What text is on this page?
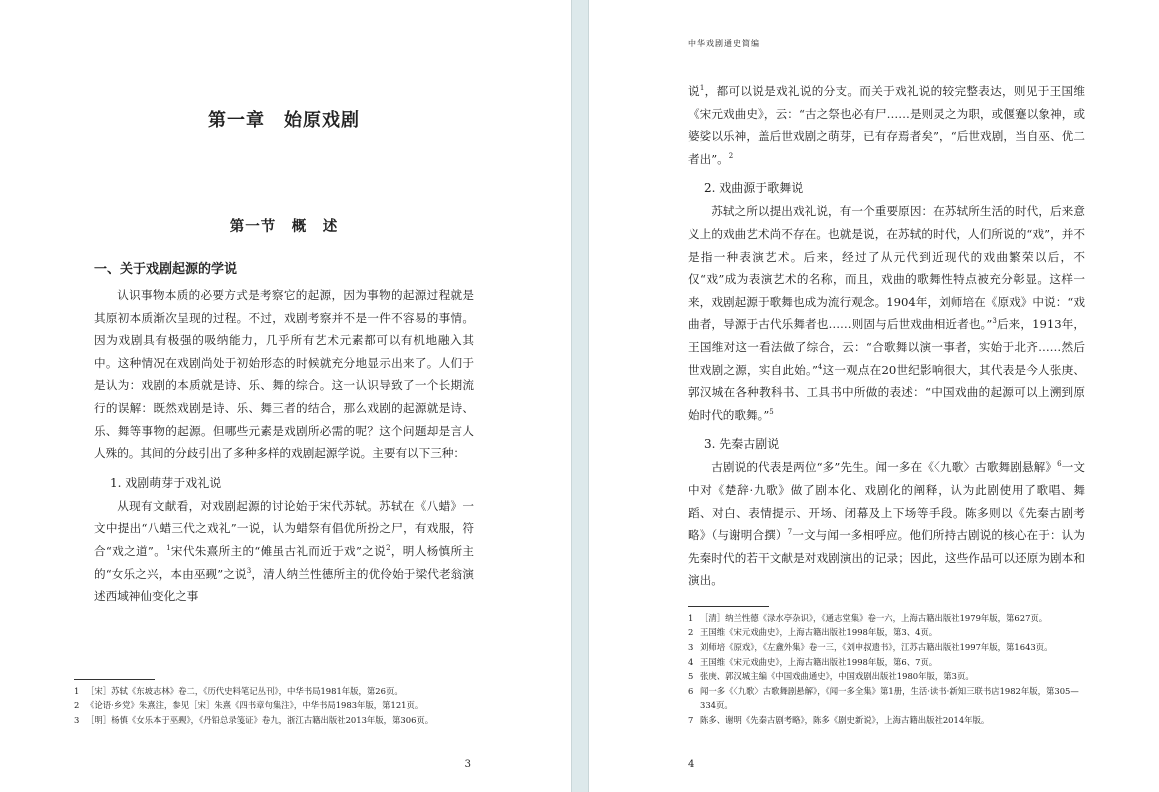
第一章　始原戏剧
第一节　概　述
一、关于戏剧起源的学说
认识事物本质的必要方式是考察它的起源，因为事物的起源过程就是其原初本质渐次呈现的过程。不过，戏剧考察并不是一件不容易的事情。因为戏剧具有极强的吸纳能力，几乎所有艺术元素都可以有机地融入其中。这种情况在戏剧尚处于初始形态的时候就充分地显示出来了。人们于是认为：戏剧的本质就是诗、乐、舞的综合。这一认识导致了一个长期流行的误解：既然戏剧是诗、乐、舞三者的结合，那么戏剧的起源就是诗、乐、舞等事物的起源。但哪些元素是戏剧所必需的呢？这个问题却是言人人殊的。其间的分歧引出了多种多样的戏剧起源学说。主要有以下三种：
1. 戏剧萌芽于戏礼说
从现有文献看，对戏剧起源的讨论始于宋代苏轼。苏轼在《八蜡》一文中提出“八蜡三代之戏礼”一说，认为蜡祭有倡优所扮之尸，有戏服，符合“戏之道”。$^1$宋代朱熹所主的“傩虽古礼而近于戏”之说$^2$，明人杨慎所主的“女乐之兴，本由巫觋”之说$^3$，清人纳兰性德所主的优伶始于梁代老翁演述西域神仙变化之事
1 ［宋］苏轼《东坡志林》卷二，《历代史料笔记丛刊》，中华书局1981年版，第26页。
2 《论语·乡党》朱熹注，参见［宋］朱熹《四书章句集注》，中华书局1983年版，第121页。
3 ［明］杨慎《女乐本于巫觋》，《丹铅总录笺证》卷九，浙江古籍出版社2013年版，第306页。
3
中华戏剧通史简编
说$^1$，都可以说是戏礼说的分支。而关于戏礼说的较完整表达，则见于王国维《宋元戏曲史》，云：“古之祭也必有尸……是则灵之为职，或偃蹇以象神，或婆娑以乐神，盖后世戏剧之萌芽，已有存焉者矣”，“后世戏剧，当自巫、优二者出”。$^2$
2. 戏曲源于歌舞说
苏轼之所以提出戏礼说，有一个重要原因：在苏轼所生活的时代，后来意义上的戏曲艺术尚不存在。也就是说，在苏轼的时代，人们所说的“戏”，并不是指一种表演艺术。后来，经过了从元代到近现代的戏曲繁荣以后，不仅“戏”成为表演艺术的名称，而且，戏曲的歌舞性特点被充分彰显。这样一来，戏剧起源于歌舞也成为流行观念。1904年，刘师培在《原戏》中说：“戏曲者，导源于古代乐舞者也……则固与后世戏曲相近者也。”$^3$后来，1913年，王国维对这一看法做了综合，云：“合歌舞以演一事者，实始于北齐……然后世戏剧之源，实自此始。”$^4$这一观点在20世纪影响很大，其代表是今人张庚、郭汉城在各种教科书、工具书中所做的表述：“中国戏曲的起源可以上溯到原始时代的歌舞。”$^5$
3. 先秦古剧说
古剧说的代表是两位“多”先生。闻一多在《〈九歌〉古歌舞剧悬解》$^6$一文中对《楚辞·九歌》做了剧本化、戏剧化的阐释，认为此剧使用了歌唱、舞蹈、对白、表情提示、开场、闭幕及上下场等手段。陈多则以《先秦古剧考略》（与谢明合撰）$^7$一文与闻一多相呼应。他们所持古剧说的核心在于：认为先秦时代的若干文献是对戏剧演出的记录；因此，这些作品可以还原为剧本和演出。
1 ［清］纳兰性德《渌水亭杂识》，《通志堂集》卷一六，上海古籍出版社1979年版，第627页。
2 王国维《宋元戏曲史》，上海古籍出版社1998年版，第3、4页。
3 刘师培《原戏》，《左盦外集》卷一三，《刘申叔遗书》，江苏古籍出版社1997年版，第1643页。
4 王国维《宋元戏曲史》，上海古籍出版社1998年版，第6、7页。
5 张庚、郭汉城主编《中国戏曲通史》，中国戏剧出版社1980年版，第3页。
6 闻一多《〈九歌〉古歌舞剧悬解》，《闻一多全集》第1册，生活·读书·新知三联书店1982年版，第305—334页。
7 陈多、谢明《先秦古剧考略》，陈多《剧史新说》，上海古籍出版社2014年版。
4
